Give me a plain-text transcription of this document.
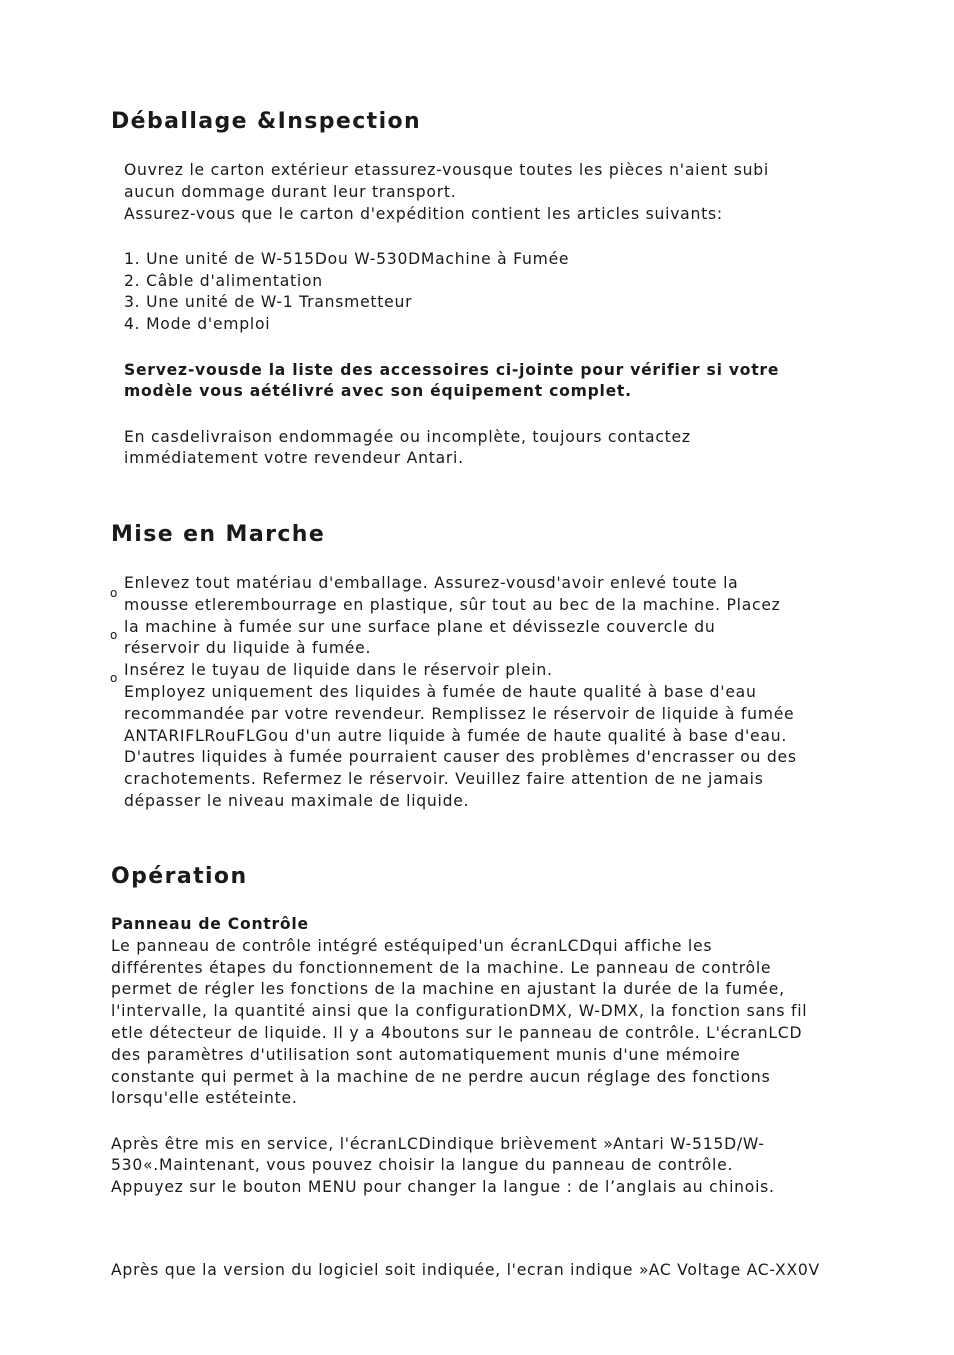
Déballage &Inspection
Ouvrez le carton extérieur etassurez-vousque toutes les pièces n'aient subi
aucun dommage durant leur transport.
Assurez-vous que le carton d'expédition contient les articles suivants:
1. Une unité de W-515Dou W-530DMachine à Fumée
2. Câble d'alimentation
3. Une unité de W-1 Transmetteur
4. Mode d'emploi
Servez-vousde la liste des accessoires ci-jointe pour vérifier si votre
modèle vous aétélivré avec son équipement complet.
En casdelivraison endommagée ou incomplète, toujours contactez
immédiatement votre revendeur Antari.
Mise en Marche
o
o
o
Enlevez tout matériau d'emballage. Assurez-vousd'avoir enlevé toute la
mousse etlerembourrage en plastique, sûr tout au bec de la machine. Placez
la machine à fumée sur une surface plane et dévissezle couvercle du
réservoir du liquide à fumée.
Insérez le tuyau de liquide dans le réservoir plein.
Employez uniquement des liquides à fumée de haute qualité à base d'eau
recommandée par votre revendeur. Remplissez le réservoir de liquide à fumée
ANTARIFLRouFLGou d'un autre liquide à fumée de haute qualité à base d'eau.
D'autres liquides à fumée pourraient causer des problèmes d'encrasser ou des
crachotements. Refermez le réservoir. Veuillez faire attention de ne jamais
dépasser le niveau maximale de liquide.
Opération
Panneau de Contrôle
Le panneau de contrôle intégré estéquiped'un écranLCDqui affiche les
différentes étapes du fonctionnement de la machine. Le panneau de contrôle
permet de régler les fonctions de la machine en ajustant la durée de la fumée,
l'intervalle, la quantité ainsi que la configurationDMX, W-DMX, la fonction sans fil
etle détecteur de liquide. Il y a 4boutons sur le panneau de contrôle. L'écranLCD
des paramètres d'utilisation sont automatiquement munis d'une mémoire
constante qui permet à la machine de ne perdre aucun réglage des fonctions
lorsqu'elle estéteinte.
Après être mis en service, l'écranLCDindique brièvement »Antari W-515D/W-
530«.Maintenant, vous pouvez choisir la langue du panneau de contrôle.
Appuyez sur le bouton MENU pour changer la langue : de l’anglais au chinois.
Après que la version du logiciel soit indiquée, l'ecran indique »AC Voltage AC-XX0V
